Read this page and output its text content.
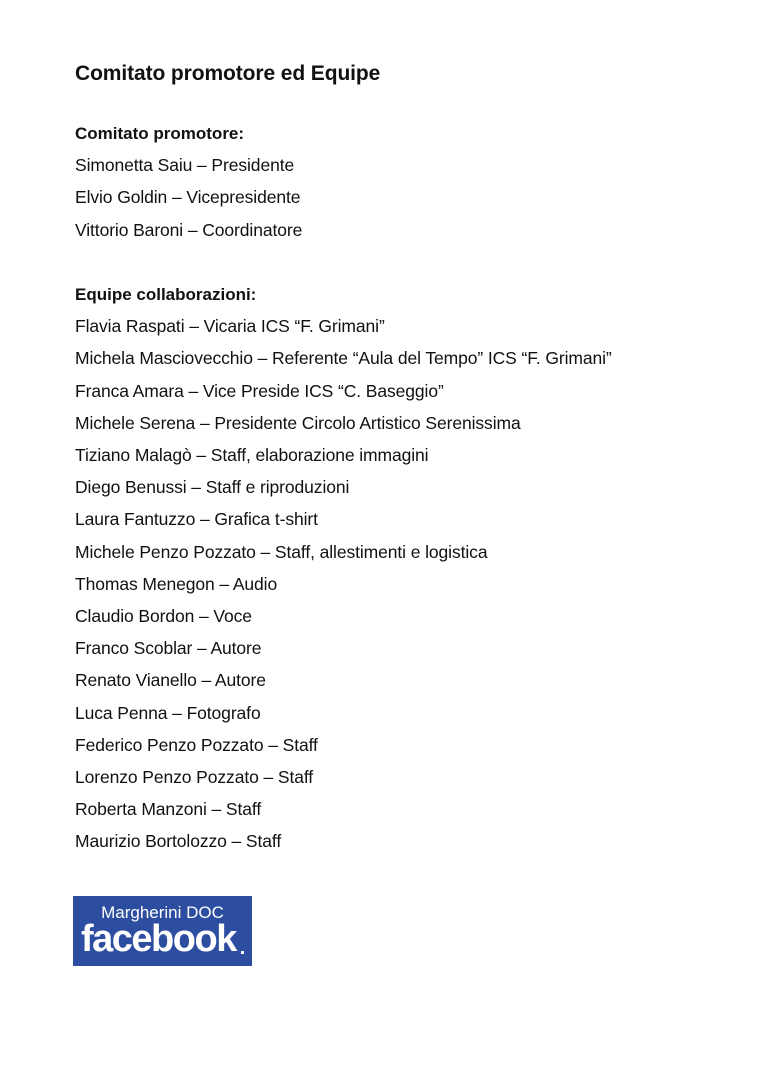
Comitato promotore ed Equipe
Comitato promotore:
Simonetta Saiu – Presidente
Elvio Goldin – Vicepresidente
Vittorio Baroni – Coordinatore
Equipe collaborazioni:
Flavia Raspati – Vicaria ICS “F. Grimani”
Michela Masciovecchio – Referente “Aula del Tempo” ICS “F. Grimani”
Franca Amara – Vice Preside ICS “C. Baseggio”
Michele Serena – Presidente Circolo Artistico Serenissima
Tiziano Malagò – Staff, elaborazione immagini
Diego Benussi – Staff e riproduzioni
Laura Fantuzzo – Grafica t-shirt
Michele Penzo Pozzato – Staff, allestimenti e logistica
Thomas Menegon – Audio
Claudio Bordon – Voce
Franco Scoblar – Autore
Renato Vianello – Autore
Luca Penna – Fotografo
Federico Penzo Pozzato – Staff
Lorenzo Penzo Pozzato – Staff
Roberta Manzoni – Staff
Maurizio Bortolozzo – Staff
Margherini DOC
facebook
